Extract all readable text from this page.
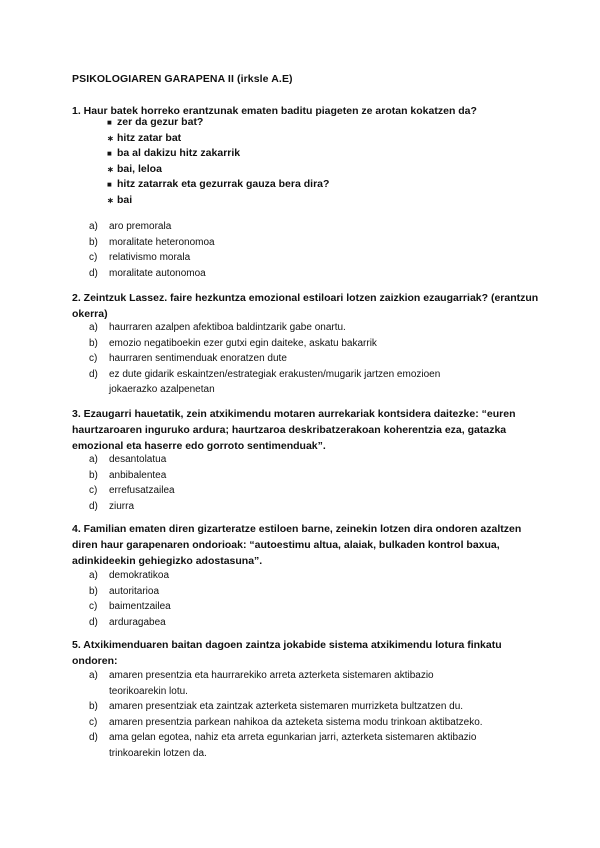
PSIKOLOGIAREN GARAPENA II (irksle A.E)
1. Haur batek horreko erantzunak ematen baditu piageten ze arotan kokatzen da?
■ zer da gezur bat?
∗ hitz zatar bat
■ ba al dakizu hitz zakarrik
∗ bai, leloa
■ hitz zatarrak eta gezurrak gauza bera dira?
∗ bai
a) aro premorala
b) moralitate heteronomoa
c) relativismo morala
d) moralitate autonomoa
2. Zeintzuk Lassez. faire hezkuntza emozional estiloari lotzen zaizkion ezaugarriak? (erantzun okerra)
a) haurraren azalpen afektiboa baldintzarik gabe onartu.
b) emozio negatiboekin ezer gutxi egin daiteke, askatu bakarrik
c) haurraren sentimenduak enoratzen dute
d) ez dute gidarik eskaintzen/estrategiak erakusten/mugarik jartzen emozioen jokaerazko azalpenetan
3. Ezaugarri hauetatik, zein atxikimendu motaren aurrekariak kontsidera daitezke: “euren haurtzaroaren inguruko ardura; haurtzaroa deskribatzerakoan koherentzia eza, gatazka emozional eta haserre edo gorroto sentimenduak”.
a) desantolatua
b) anbibalentea
c) errefusatzailea
d) ziurra
4. Familian ematen diren gizarteratze estiloen barne, zeinekin lotzen dira ondoren azaltzen diren haur garapenaren ondorioak: “autoestimu altua, alaiak, bulkaden kontrol baxua, adinkideekin gehiegizko adostasuna”.
a) demokratikoa
b) autoritarioa
c) baimentzailea
d) arduragabea
5. Atxikimenduaren baitan dagoen zaintza jokabide sistema atxikimendu lotura finkatu ondoren:
a) amaren presentzia eta haurrarekiko arreta azterketa sistemaren aktibazio teorikoarekin lotu.
b) amaren presentziak eta zaintzak azterketa sistemaren murrizketa bultzatzen du.
c) amaren presentzia parkean nahikoa da azteketa sistema modu trinkoan aktibatzeko.
d) ama gelan egotea, nahiz eta arreta egunkarian jarri, azterketa sistemaren aktibazio trinkoarekin lotzen da.
